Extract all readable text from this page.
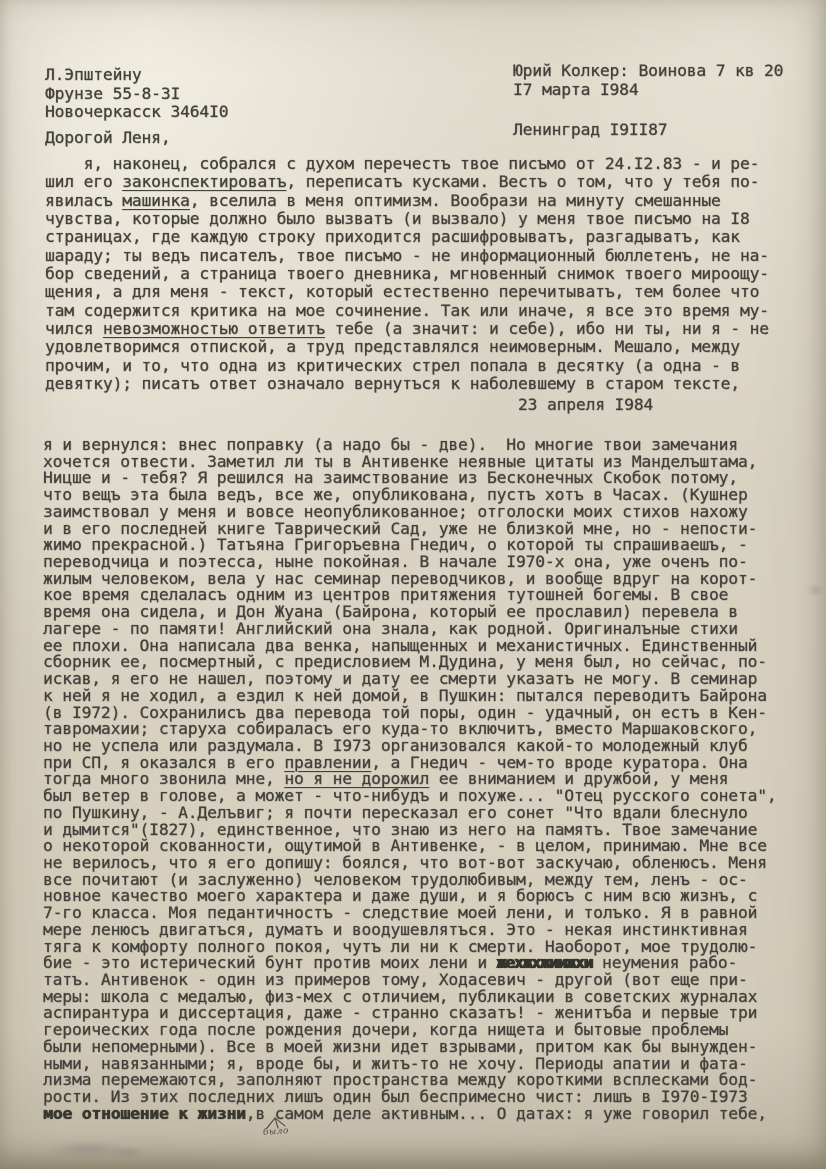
Юрий Колкер: Воинова 7 кв 20

Ленинград I9II87

I7 марта I984
Л.Эпштейну
Фрунзе 55-8-3I
Новочеркасск 3464I0
Дорогой Леня,
я, наконец, собрался с духом перечестъ твое писъмо от 24.I2.83 - и ре-
шил его законспектироватъ, переписатъ кусками. Вестъ о том, что у тебя по-
явиласъ машинка, вселила в меня оптимизм. Вообрази на минуту смешанные
чувства, которые должно было вызватъ (и вызвало) у меня твое писъмо на I8
страницах, где каждую строку приходится расшифровыватъ, разгадыватъ, как
шараду; ты ведъ писателъ, твое писъмо - не информационный бюллетенъ, не на-
бор сведений, а страница твоего дневника, мгновенный снимок твоего мироощу-
щения, а для меня - текст, который естественно перечитыватъ, тем более что
там содержится критика на мое сочинение. Так или иначе, я все это время му-
чился невозможностью ответитъ тебе (а значит: и себе), ибо ни ты, ни я - не
удовлетворимся отпиской, а труд представлялся неимоверным. Мешало, между
прочим, и то, что одна из критических стрел попала в десятку (а одна - в
девятку); писатъ ответ означало вернутъся к наболевшему в старом тексте,
23 апреля I984
я и вернулся: внес поправку (а надо бы - две).  Но многие твои замечания
хочется отвести. Заметил ли ты в Антивенке неявные цитаты из Манделъштама,
Ницше и - тебя? Я решился на заимствование из Бесконечных Скобок потому,
что вещъ эта была ведъ, все же, опубликована, пустъ хотъ в Часах. (Кушнер
заимствовал у меня и вовсе неопубликованное; отголоски моих стихов нахожу
и в его последней книге Таврический Сад, уже не близкой мне, но - непости-
жимо прекрасной.) Татъяна Григоръевна Гнедич, о которой ты спрашиваешъ, -
переводчица и поэтесса, ныне покойная. В начале I970-х она, уже оченъ по-
жилым человеком, вела у нас семинар переводчиков, и вообще вдруг на корот-
кое время сделаласъ одним из центров притяжения тутошней богемы. В свое
время она сидела, и Дон Жуана (Байрона, который ее прославил) перевела в
лагере - по памяти! Английский она знала, как родной. Оригиналъные стихи
ее плохи. Она написала два венка, напыщенных и механистичных. Единственный
сборник ее, посмертный, с предисловием М.Дудина, у меня был, но сейчас, по-
искав, я его не нашел, поэтому и дату ее смерти указатъ не могу. В семинар
к ней я не ходил, а ездил к ней домой, в Пушкин: пытался переводитъ Байрона
(в I972). Сохранилисъ два перевода той поры, один - удачный, он естъ в Кен-
тавромахии; старуха собираласъ его куда-то включитъ, вместо Маршаковского,
но не успела или раздумала. В I973 организовался какой-то молодежный клуб
при СП, я оказался в его правлении, а Гнедич - чем-то вроде куратора. Она
тогда много звонила мне, но я не дорожил ее вниманием и дружбой, у меня
был ветер в голове, а может - что-нибудъ и похуже... "Отец русского сонета",
по Пушкину, - А.Делъвиг; я почти пересказал его сонет "Что вдали блеснуло
и дымится"(I827), единственное, что знаю из него на памятъ. Твое замечание
о некоторой скованности, ощутимой в Антивенке, - в целом, принимаю. Мне все
не верилосъ, что я его допишу: боялся, что вот-вот заскучаю, обленюсъ. Меня
все почитают (и заслуженно) человеком трудолюбивым, между тем, ленъ - ос-
новное качество моего характера и даже души, и я борюсъ с ним всю жизнъ, с
7-го класса. Моя педантичностъ - следствие моей лени, и толъко. Я в равной
мере ленюсъ двигатъся, думатъ и воодушевлятъся. Это - некая инстинктивная
тяга к комфорту полного покоя, чутъ ли ни к смерти. Наоборот, мое трудолю-
бие - это истерический бунт против моих лени и жехжхжиижхи неумения рабо-
татъ. Антивенок - один из примеров тому, Ходасевич - другой (вот еще при-
меры: школа с медалъю, физ-мех с отличием, публикации в советских журналах
аспирантура и диссертация, даже - странно сказатъ! - женитъба и первые три
героических года после рождения дочери, когда нищета и бытовые проблемы
были непомерными). Все в моей жизни идет взрывами, притом как бы вынужден-
ными, навязанными; я, вроде бы, и житъ-то не хочу. Периоды апатии и фата-
лизма перемежаются, заполняют пространства между короткими всплесками бод-
рости. Из этих последних лишъ один был беспримесно чист: лишъ в I970-I973
мое отношение к жизни,в самом деле активным... О датах: я уже говорил тебе,
было
